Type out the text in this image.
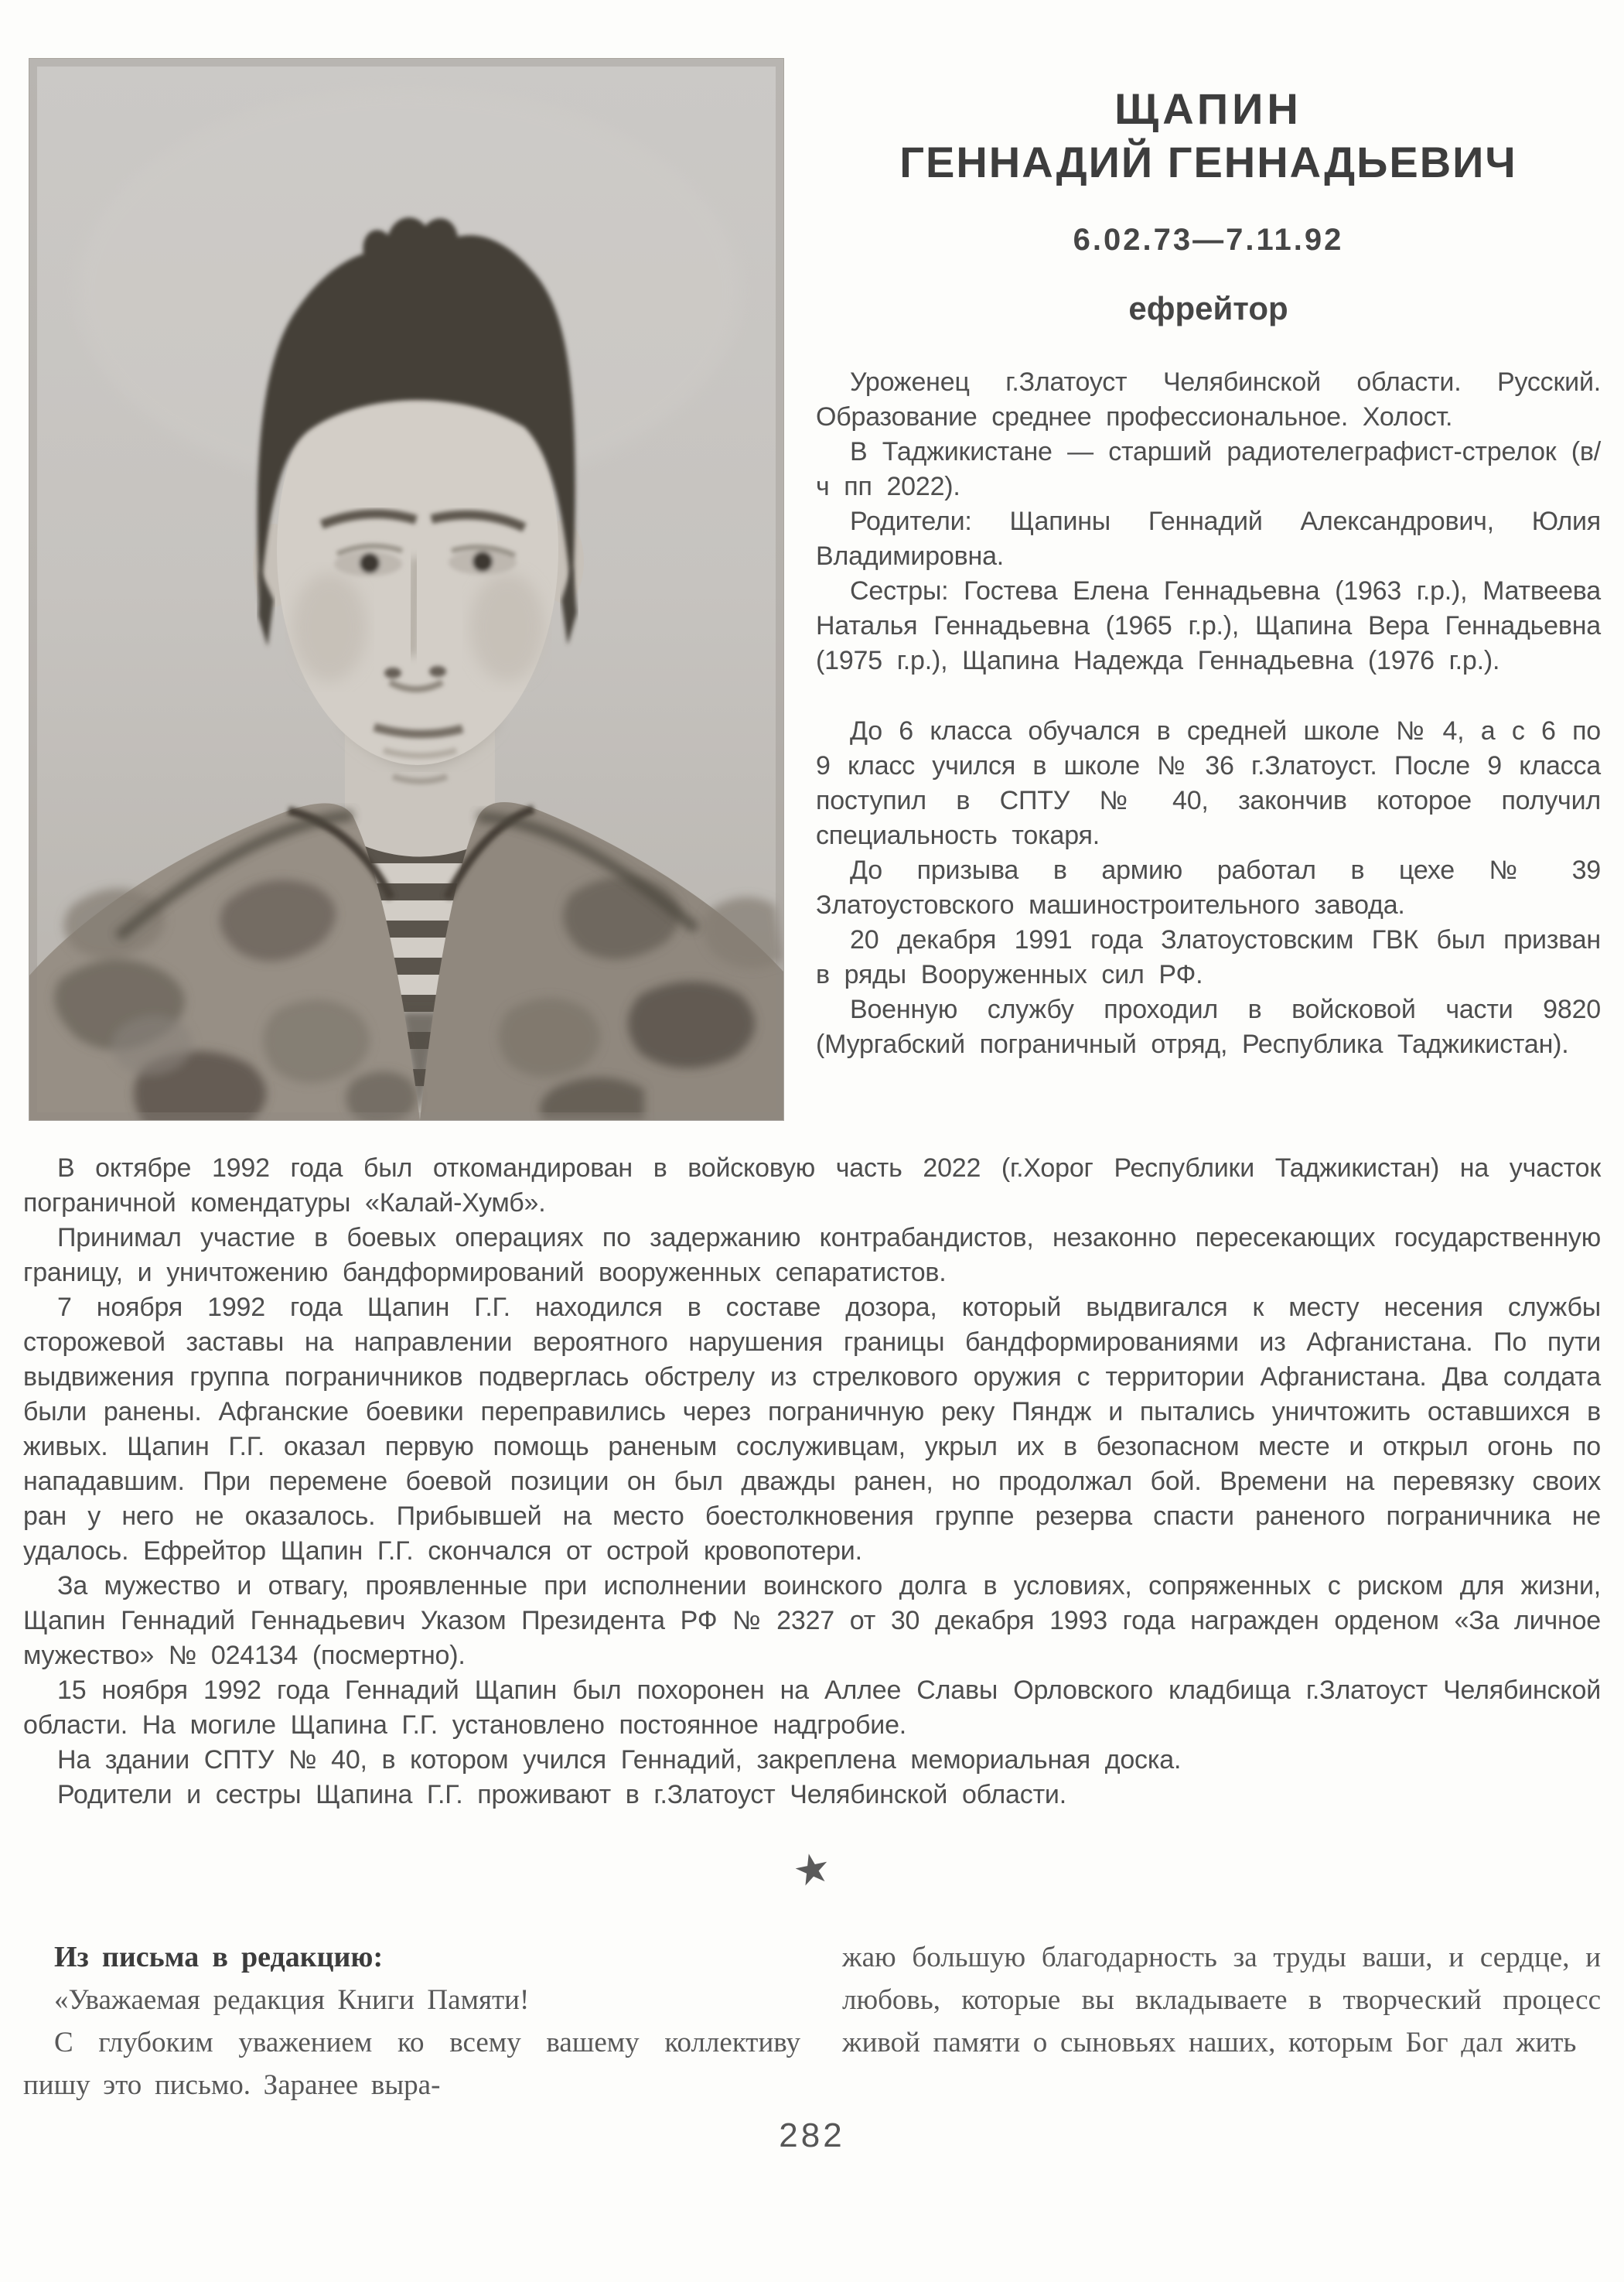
ЩАПИН
ГЕННАДИЙ ГЕННАДЬЕВИЧ
6.02.73—7.11.92
ефрейтор

Уроженец г.Златоуст Челябинской области. Русский. Образование среднее профессиональное. Холост.

В Таджикистане — старший радиотелеграфист-стрелок (в/ч пп 2022).

Родители: Щапины Геннадий Александрович, Юлия Владимировна.

Сестры: Гостева Елена Геннадьевна (1963 г.р.), Матвеева Наталья Геннадьевна (1965 г.р.), Щапина Вера Геннадьевна (1975 г.р.), Щапина Надежда Геннадьевна (1976 г.р.).

До 6 класса обучался в средней школе № 4, а с 6 по 9 класс учился в школе № 36 г.Златоуст. После 9 класса поступил в СПТУ № 40, закончив которое получил специальность токаря.

До призыва в армию работал в цехе № 39 Златоустовского машиностроительного завода.

20 декабря 1991 года Златоустовским ГВК был призван в ряды Вооруженных сил РФ.

Военную службу проходил в войсковой части 9820 (Мургабский пограничный отряд, Республика Таджикистан).

В октябре 1992 года был откомандирован в войсковую часть 2022 (г.Хорог Республики Таджикистан) на участок пограничной комендатуры «Калай-Хумб».

Принимал участие в боевых операциях по задержанию контрабандистов, незаконно пересекающих государственную границу, и уничтожению бандформирований вооруженных сепаратистов.

7 ноября 1992 года Щапин Г.Г. находился в составе дозора, который выдвигался к месту несения службы сторожевой заставы на направлении вероятного нарушения границы бандформированиями из Афганистана. По пути выдвижения группа пограничников подверглась обстрелу из стрелкового оружия с территории Афганистана. Два солдата были ранены. Афганские боевики переправились через пограничную реку Пяндж и пытались уничтожить оставшихся в живых. Щапин Г.Г. оказал первую помощь раненым сослуживцам, укрыл их в безопасном месте и открыл огонь по нападавшим. При перемене боевой позиции он был дважды ранен, но продолжал бой. Времени на перевязку своих ран у него не оказалось. Прибывшей на место боестолкновения группе резерва спасти раненого пограничника не удалось. Ефрейтор Щапин Г.Г. скончался от острой кровопотери.

За мужество и отвагу, проявленные при исполнении воинского долга в условиях, сопряженных с риском для жизни, Щапин Геннадий Геннадьевич Указом Президента РФ № 2327 от 30 декабря 1993 года награжден орденом «За личное мужество» № 024134 (посмертно).

15 ноября 1992 года Геннадий Щапин был похоронен на Аллее Славы Орловского кладбища г.Златоуст Челябинской области. На могиле Щапина Г.Г. установлено постоянное надгробие.

На здании СПТУ № 40, в котором учился Геннадий, закреплена мемориальная доска.

Родители и сестры Щапина Г.Г. проживают в г.Златоуст Челябинской области.

★

Из письма в редакцию:

«Уважаемая редакция Книги Памяти!

С глубоким уважением ко всему вашему коллективу пишу это письмо. Заранее выра-

жаю большую благодарность за труды ваши, и сердце, и любовь, которые вы вкладываете в творческий процесс живой памяти о сыновьях наших, которым Бог дал жить

282
